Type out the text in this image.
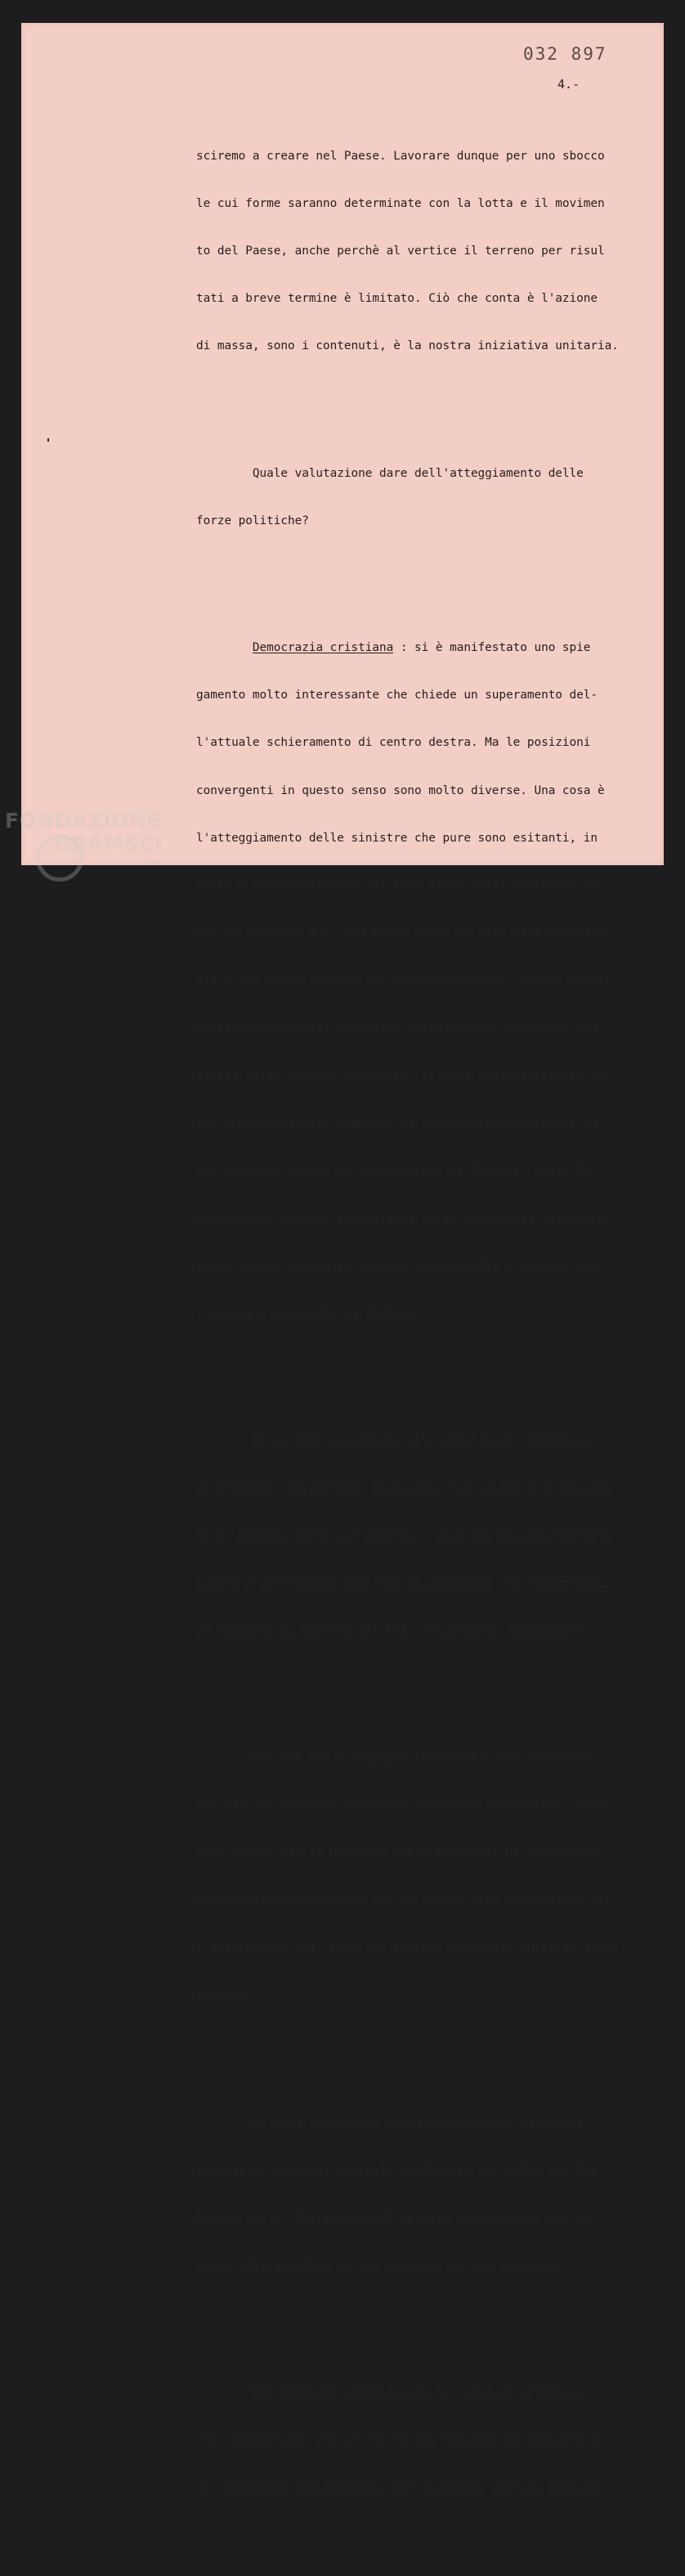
032 897
4.-

sciremo a creare nel Paese. Lavorare dunque per uno sbocco

le cui forme saranno determinate con la lotta e il movimen

to del Paese, anche perchè al vertice il terreno per risul

tati a breve termine è limitato. Ciò che conta è l'azione

di massa, sono i contenuti, è la nostra iniziativa unitaria.

Quale valutazione dare dell'atteggiamento delle

forze politiche?

Democrazia cristiana : si è manifestato uno spie

gamento molto interessante che chiede un superamento del-

l'attuale schieramento di centro destra. Ma le posizioni

convergenti in questo senso sono molto diverse. Una cosa è

l'atteggiamento delle sinistre che pure sono esitanti, in

certe e contraddittorie. Ci sono stati fatti scottanti su

cui le sinistre d.c. non hanno mosso un dito (IVA e pensio

ni) e non hanno assunto una differenziazione. Moro e Rumor

vogliono mettere il congresso socialista di fronte ad una

scelta sulla base di cedimenti. Si dice che Rumor abbia po

sto a De Martino il problema di compiere qualche gesto ed

uno dovrebbe essere la sostituzione di Mancini. Nella DC

continua ad esserci sulla linea della centralità la maggio

ranza che si raccoglie attorno ad Andreotti e Forlani con

l'appoggio esplicito di Fanfani.

Il partito socialista alla vigilia del congresso

si presenta con profonde divisioni. Più valida è la posizio

ne di Mancini anche sul governo : dice che bisogna batterlo

subito e determinare una fase di passaggio che ricostruisca

un rapporto di governo col PSI, attualmente impossibile.

Per noi non è semplice intervenire sul congresso

del PSI, ma dobbiamo esprimere la nostra valutazione. Pren

dere sempre più le distanze dalle posizioni di De Martino

operando tuttavia perchè non si arrivi alle lacerazioni al-

l'interno del PSI, cosa che sarebbe dannosa a tutto lo schie

ramento.

Un tema ricorrente nella polemica dei dirigenti

socialisti verso di noi è la confluenza del PSIUP nel PCI.

Dicono che il PSI rischia di sparire dalla scena, che bi-

sogna salvaguardare il suo spazio e la sua funzione.

Noi dobbiamo sottolineare in linea di principio

che consideriamo che il PSI ha una funzione da svolgere co

me componente ineliminabile del movimento operaio italiano.

FONDAZIONE
GRAMSCI
onlus
